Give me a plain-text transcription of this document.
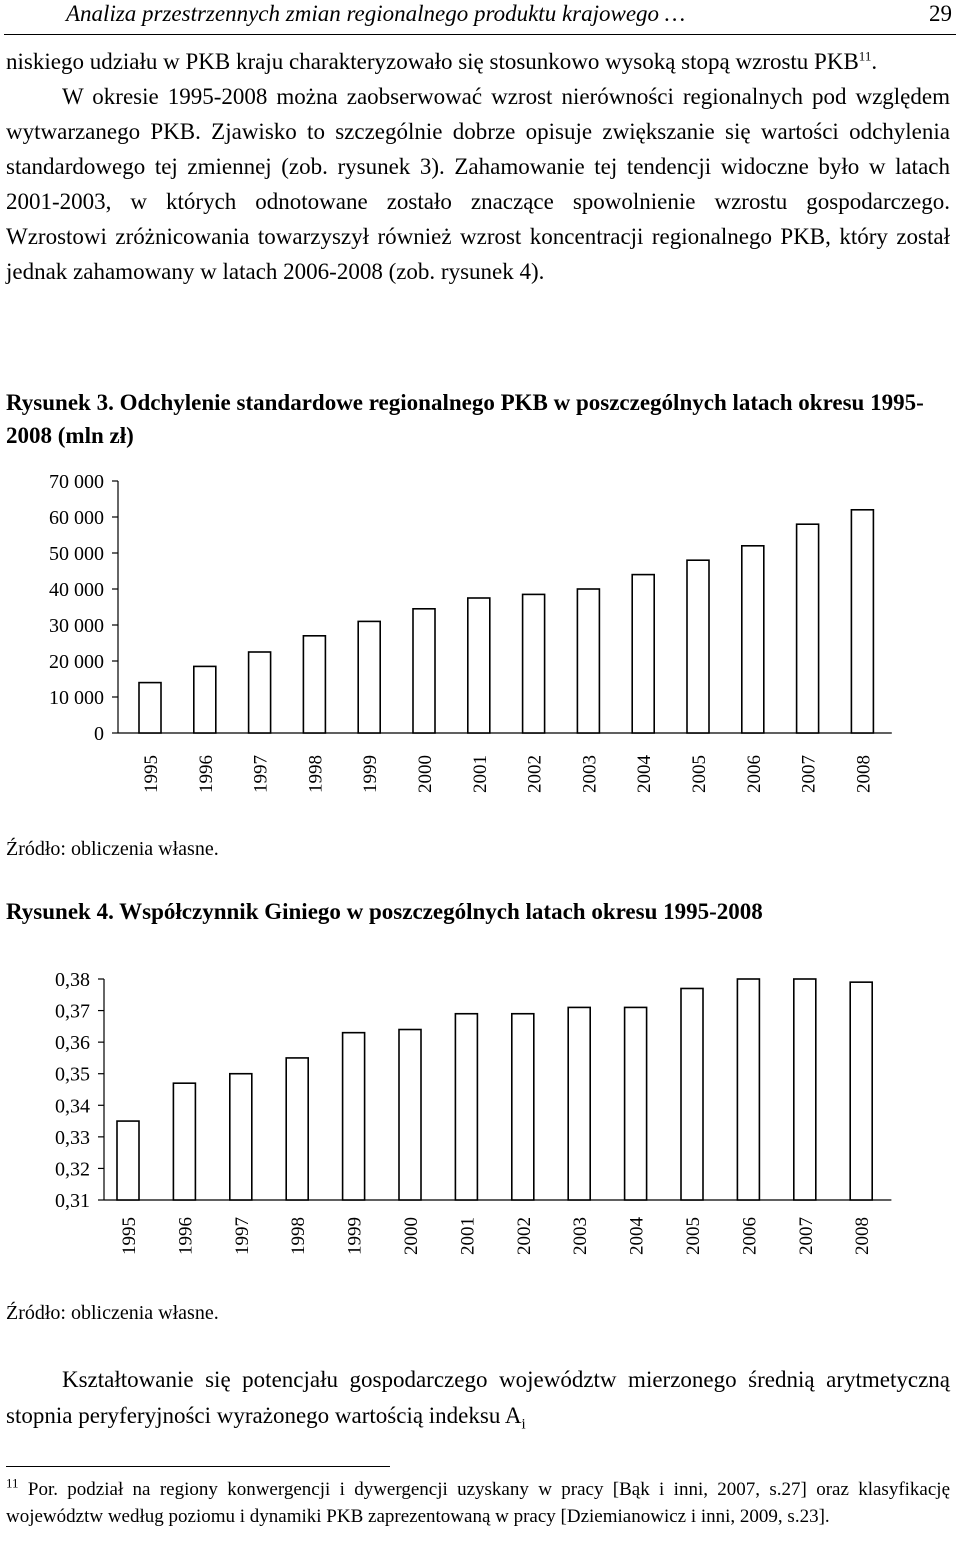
Analiza przestrzennych zmian regionalnego produktu krajowego …	29
niskiego udziału w PKB kraju charakteryzowało się stosunkowo wysoką stopą wzrostu PKB$^{11}$.
W okresie 1995-2008 można zaobserwować wzrost nierówności regionalnych pod względem wytwarzanego PKB. Zjawisko to szczególnie dobrze opisuje zwiększanie się wartości odchylenia standardowego tej zmiennej (zob. rysunek 3). Zahamowanie tej tendencji widoczne było w latach 2001-2003, w których odnotowane zostało znaczące spowolnienie wzrostu gospodarczego. Wzrostowi zróżnicowania towarzyszył również wzrost koncentracji regionalnego PKB, który został jednak zahamowany w latach 2006-2008 (zob. rysunek 4).
Rysunek 3. Odchylenie standardowe regionalnego PKB w poszczególnych latach okresu 1995-2008 (mln zł)
0
10 000
20 000
30 000
40 000
50 000
60 000
70 000
1995 1996 1997 1998 1999 2000 2001 2002 2003 2004 2005 2006 2007 2008
Źródło: obliczenia własne.
Rysunek 4. Współczynnik Giniego w poszczególnych latach okresu 1995-2008
0,31
0,32
0,33
0,34
0,35
0,36
0,37
0,38
1995 1996 1997 1998 1999 2000 2001 2002 2003 2004 2005 2006 2007 2008
Źródło: obliczenia własne.
Kształtowanie się potencjału gospodarczego województw mierzonego średnią arytmetyczną stopnia peryferyjności wyrażonego wartością indeksu $A_i$
$^{11}$ Por. podział na regiony konwergencji i dywergencji uzyskany w pracy [Bąk i inni, 2007, s.27] oraz klasyfikację województw według poziomu i dynamiki PKB zaprezentowaną w pracy [Dziemianowicz i inni, 2009, s.23].
